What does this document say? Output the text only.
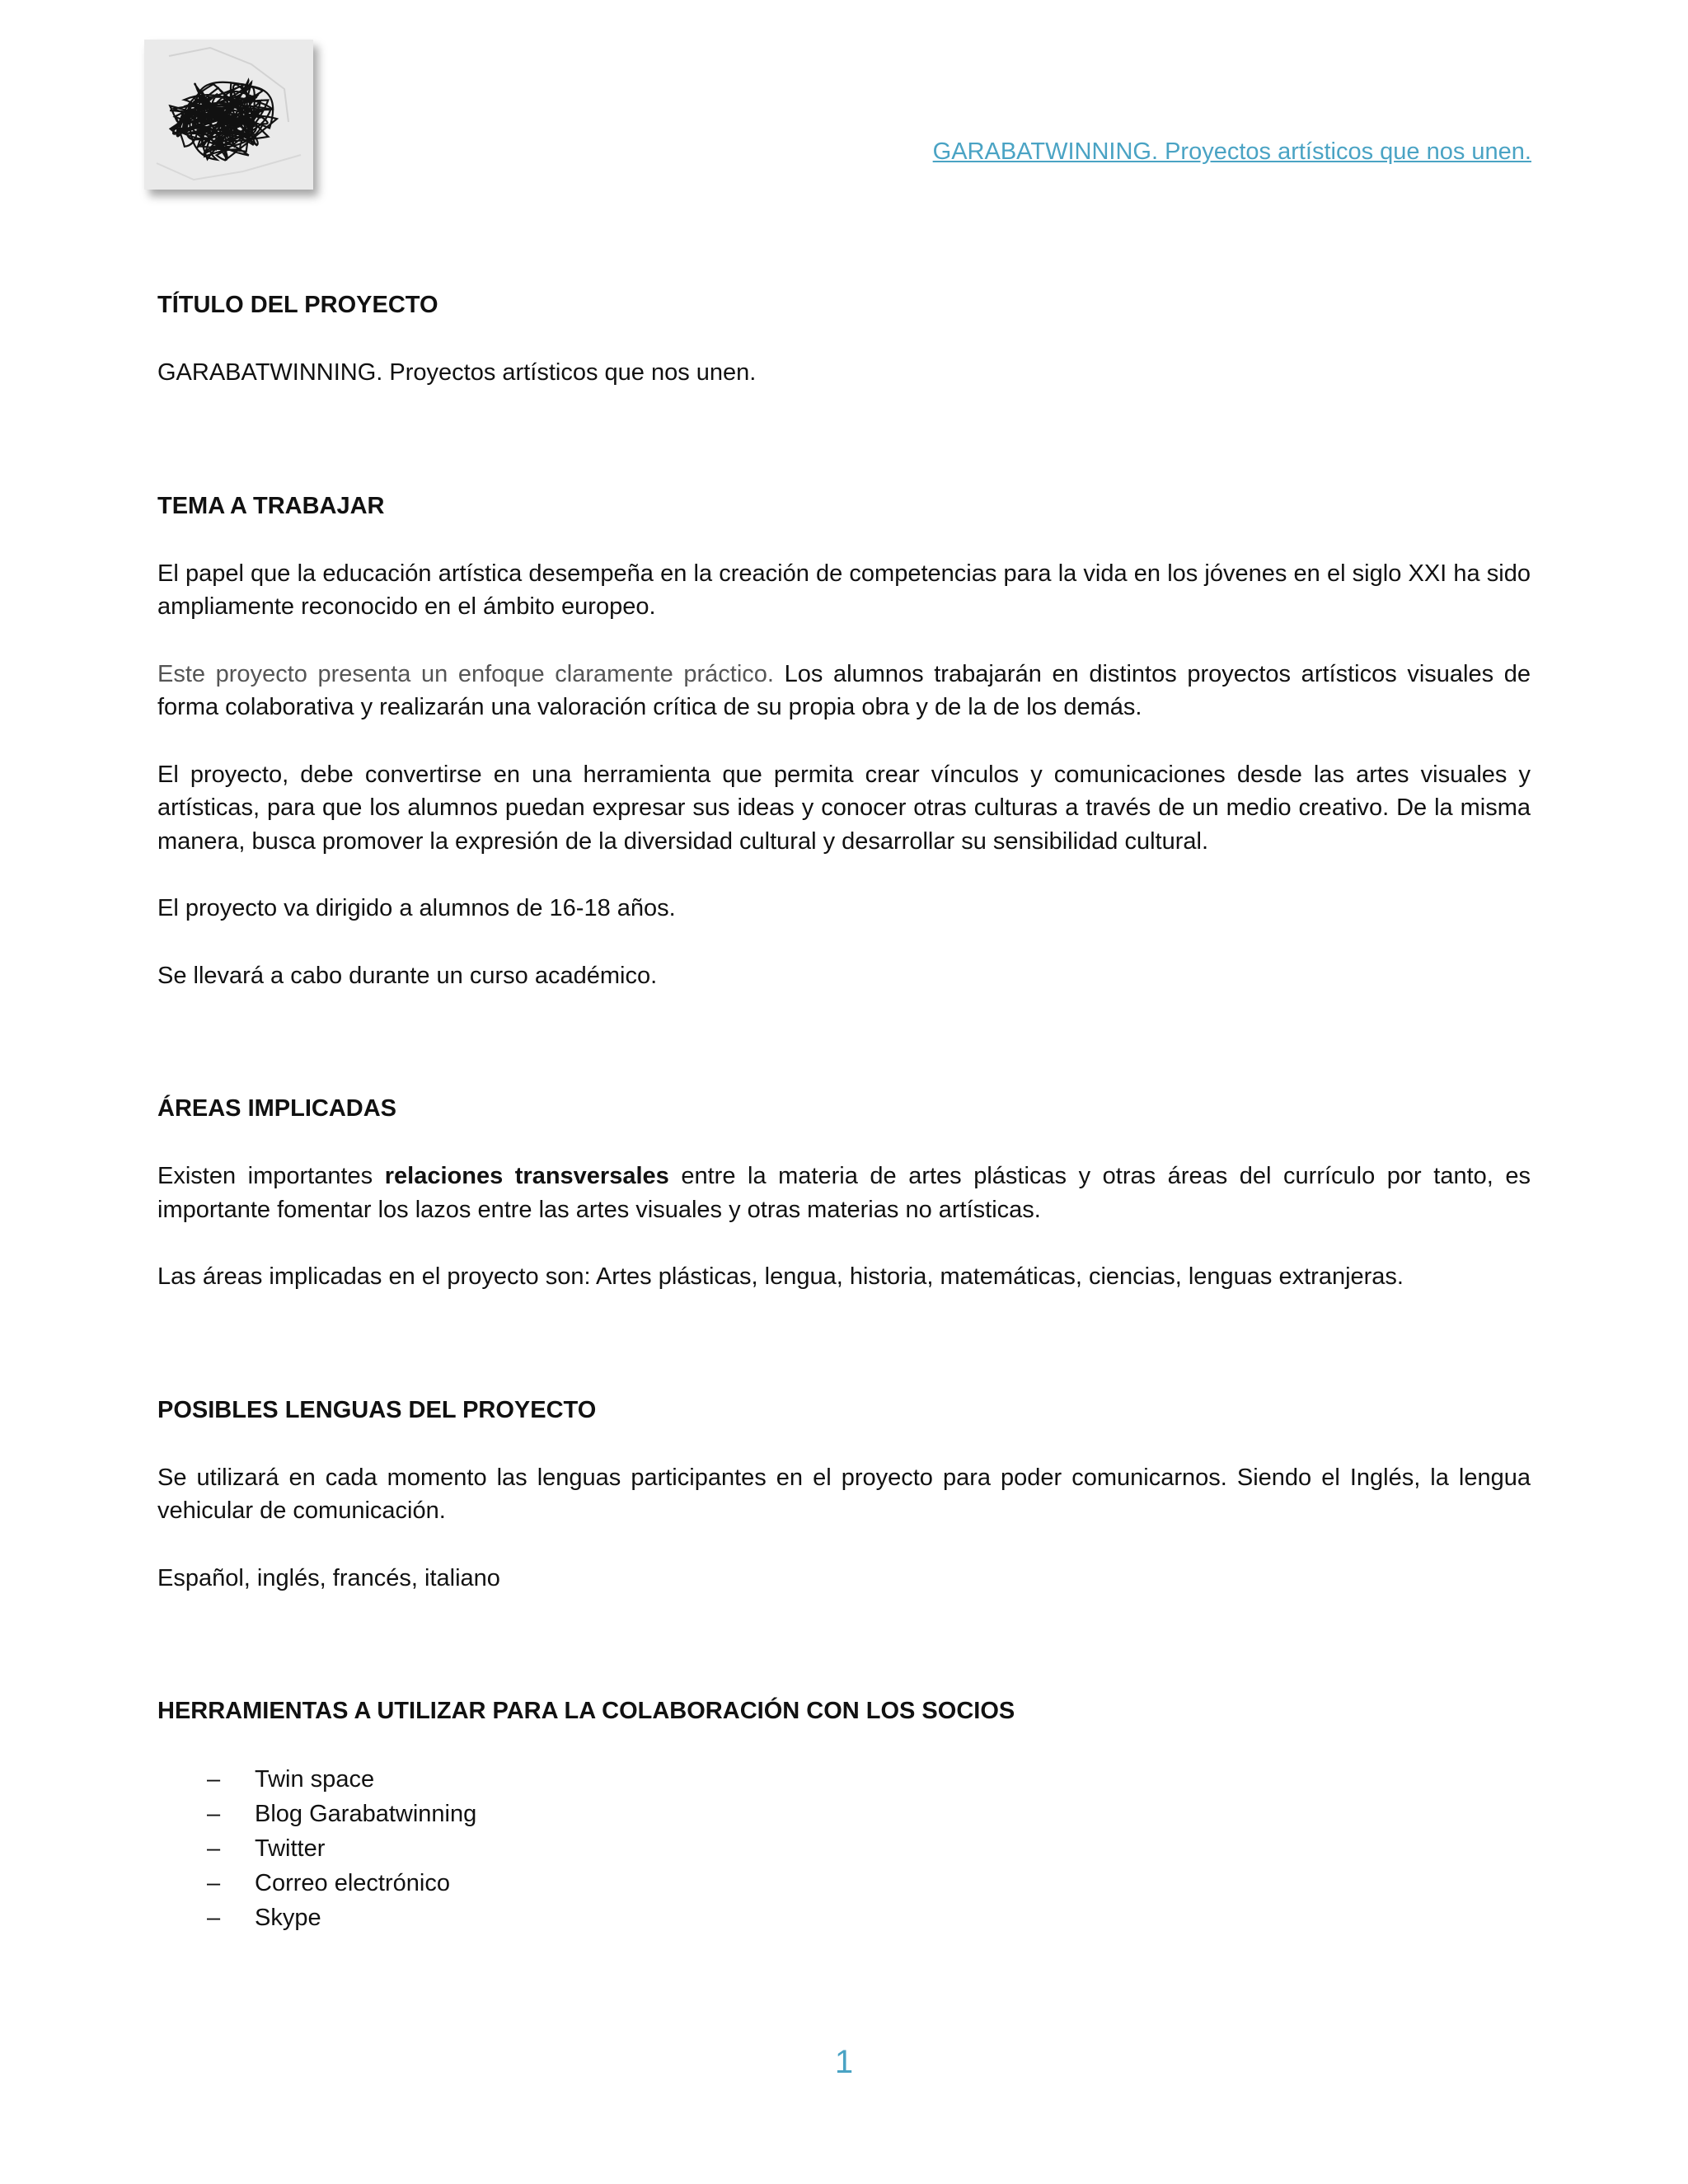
GARABATWINNING. Proyectos artísticos que nos unen.
TÍTULO DEL PROYECTO
GARABATWINNING. Proyectos artísticos que nos unen.
TEMA A TRABAJAR
El papel que la educación artística desempeña en la creación de competencias para la vida en los jóvenes en el siglo XXI ha sido ampliamente reconocido en el ámbito europeo.
Este proyecto presenta un enfoque claramente práctico. Los alumnos trabajarán en distintos proyectos artísticos visuales de forma colaborativa y realizarán una valoración crítica de su propia obra y de la de los demás.
El proyecto, debe convertirse en una herramienta que permita crear vínculos y comunicaciones desde las artes visuales y artísticas, para que los alumnos puedan expresar sus ideas y conocer otras culturas a través de un medio creativo. De la misma manera, busca promover la expresión de la diversidad cultural y desarrollar su sensibilidad cultural.
El proyecto va dirigido a alumnos de 16-18 años.
Se llevará a cabo durante un curso académico.
ÁREAS IMPLICADAS
Existen importantes relaciones transversales entre la materia de artes plásticas y otras áreas del currículo por tanto, es importante fomentar los lazos entre las artes visuales y otras materias no artísticas.
Las áreas implicadas en el proyecto son: Artes plásticas, lengua, historia, matemáticas, ciencias, lenguas extranjeras.
POSIBLES LENGUAS DEL PROYECTO
Se utilizará en cada momento las lenguas participantes en el proyecto para poder comunicarnos. Siendo el Inglés, la lengua vehicular de comunicación.
Español, inglés, francés, italiano
HERRAMIENTAS A UTILIZAR PARA LA COLABORACIÓN CON LOS SOCIOS
– Twin space
– Blog Garabatwinning
– Twitter
– Correo electrónico
– Skype
1
